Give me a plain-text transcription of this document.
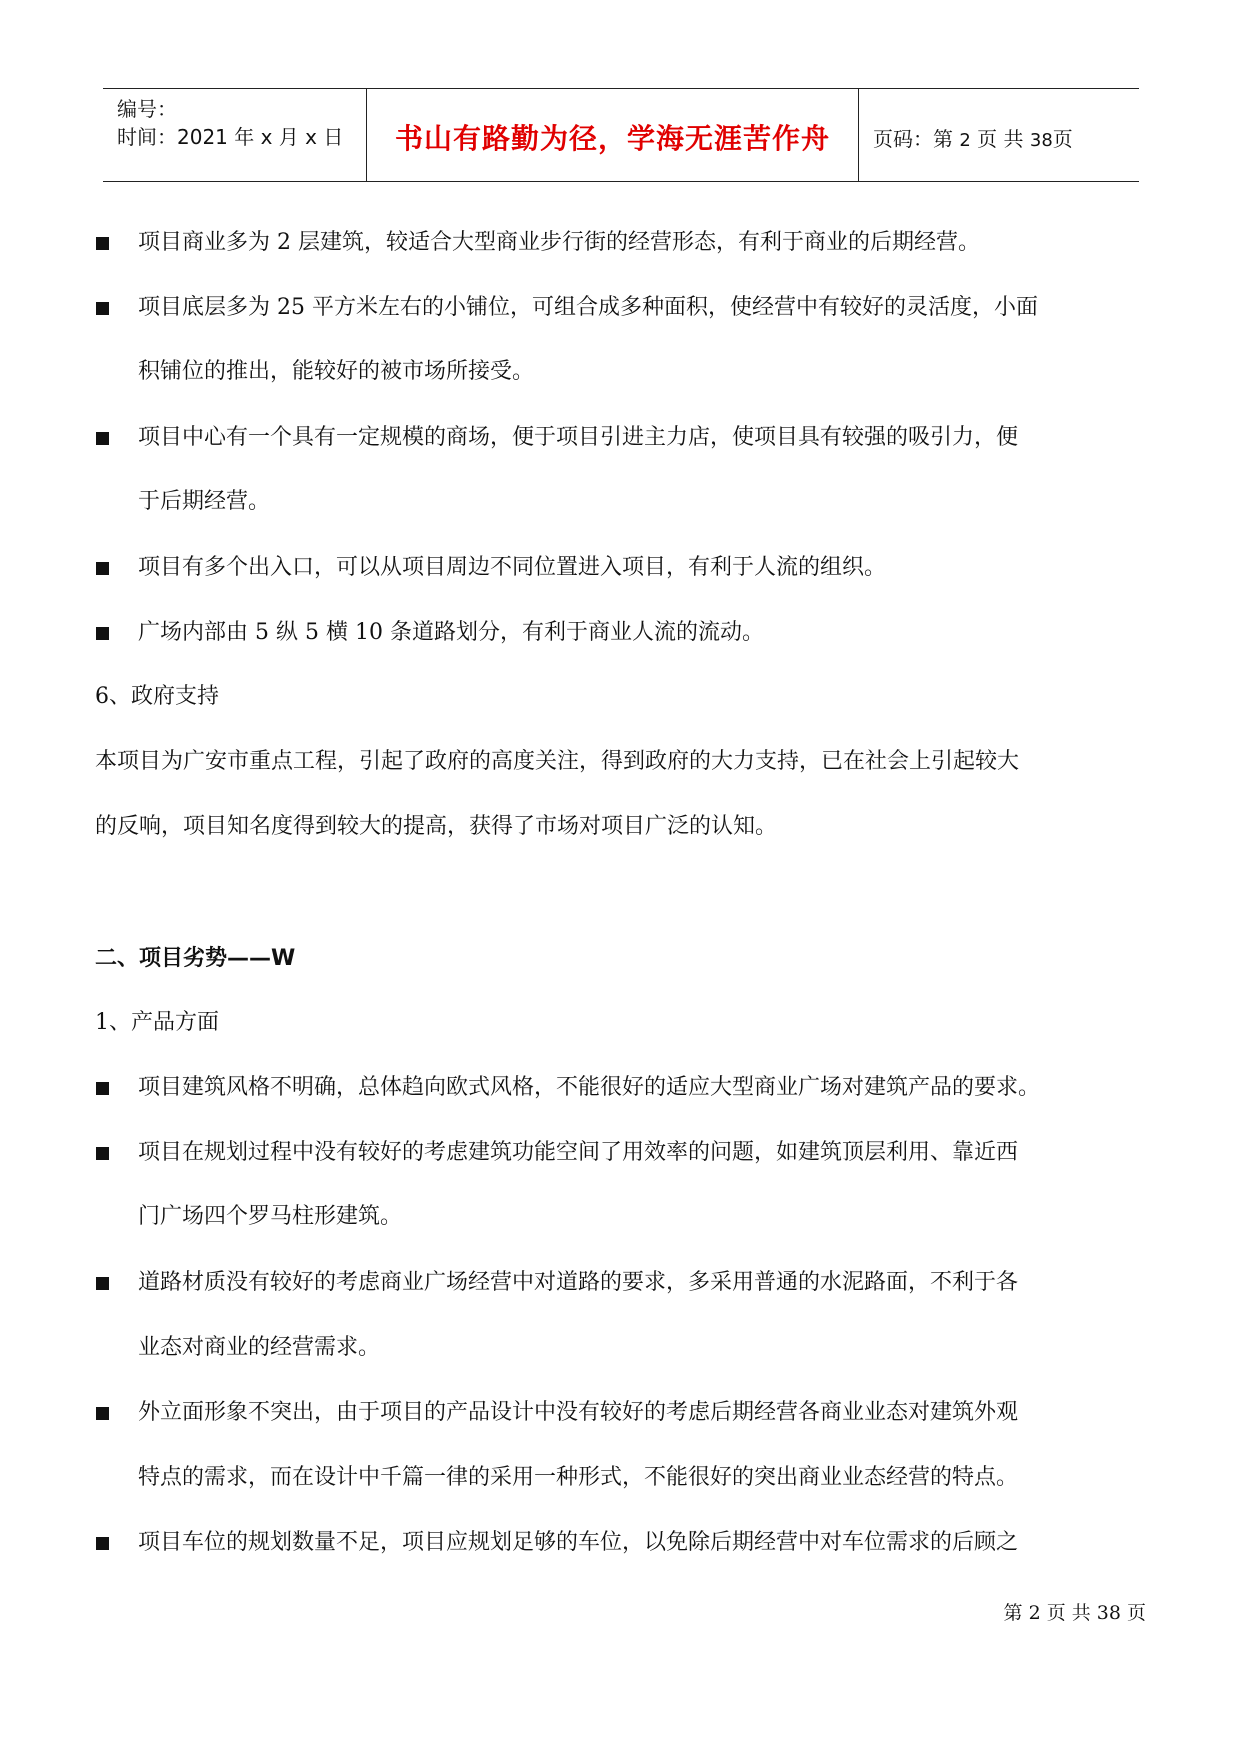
编号：
时间：2021 年 x 月 x 日	书山有路勤为径，学海无涯苦作舟	页码：第 2 页 共 38页
项目商业多为 2 层建筑，较适合大型商业步行街的经营形态，有利于商业的后期经营。
项目底层多为 25 平方米左右的小铺位，可组合成多种面积，使经营中有较好的灵活度，小面
积铺位的推出，能较好的被市场所接受。
项目中心有一个具有一定规模的商场，便于项目引进主力店，使项目具有较强的吸引力，便
于后期经营。
项目有多个出入口，可以从项目周边不同位置进入项目，有利于人流的组织。
广场内部由 5 纵 5 横 10 条道路划分，有利于商业人流的流动。
6、政府支持
本项目为广安市重点工程，引起了政府的高度关注，得到政府的大力支持，已在社会上引起较大
的反响，项目知名度得到较大的提高，获得了市场对项目广泛的认知。
二、项目劣势——W
1、产品方面
项目建筑风格不明确，总体趋向欧式风格，不能很好的适应大型商业广场对建筑产品的要求。
项目在规划过程中没有较好的考虑建筑功能空间了用效率的问题，如建筑顶层利用、靠近西
门广场四个罗马柱形建筑。
道路材质没有较好的考虑商业广场经营中对道路的要求，多采用普通的水泥路面，不利于各
业态对商业的经营需求。
外立面形象不突出，由于项目的产品设计中没有较好的考虑后期经营各商业业态对建筑外观
特点的需求，而在设计中千篇一律的采用一种形式，不能很好的突出商业业态经营的特点。
项目车位的规划数量不足，项目应规划足够的车位，以免除后期经营中对车位需求的后顾之
第 2 页 共 38 页
